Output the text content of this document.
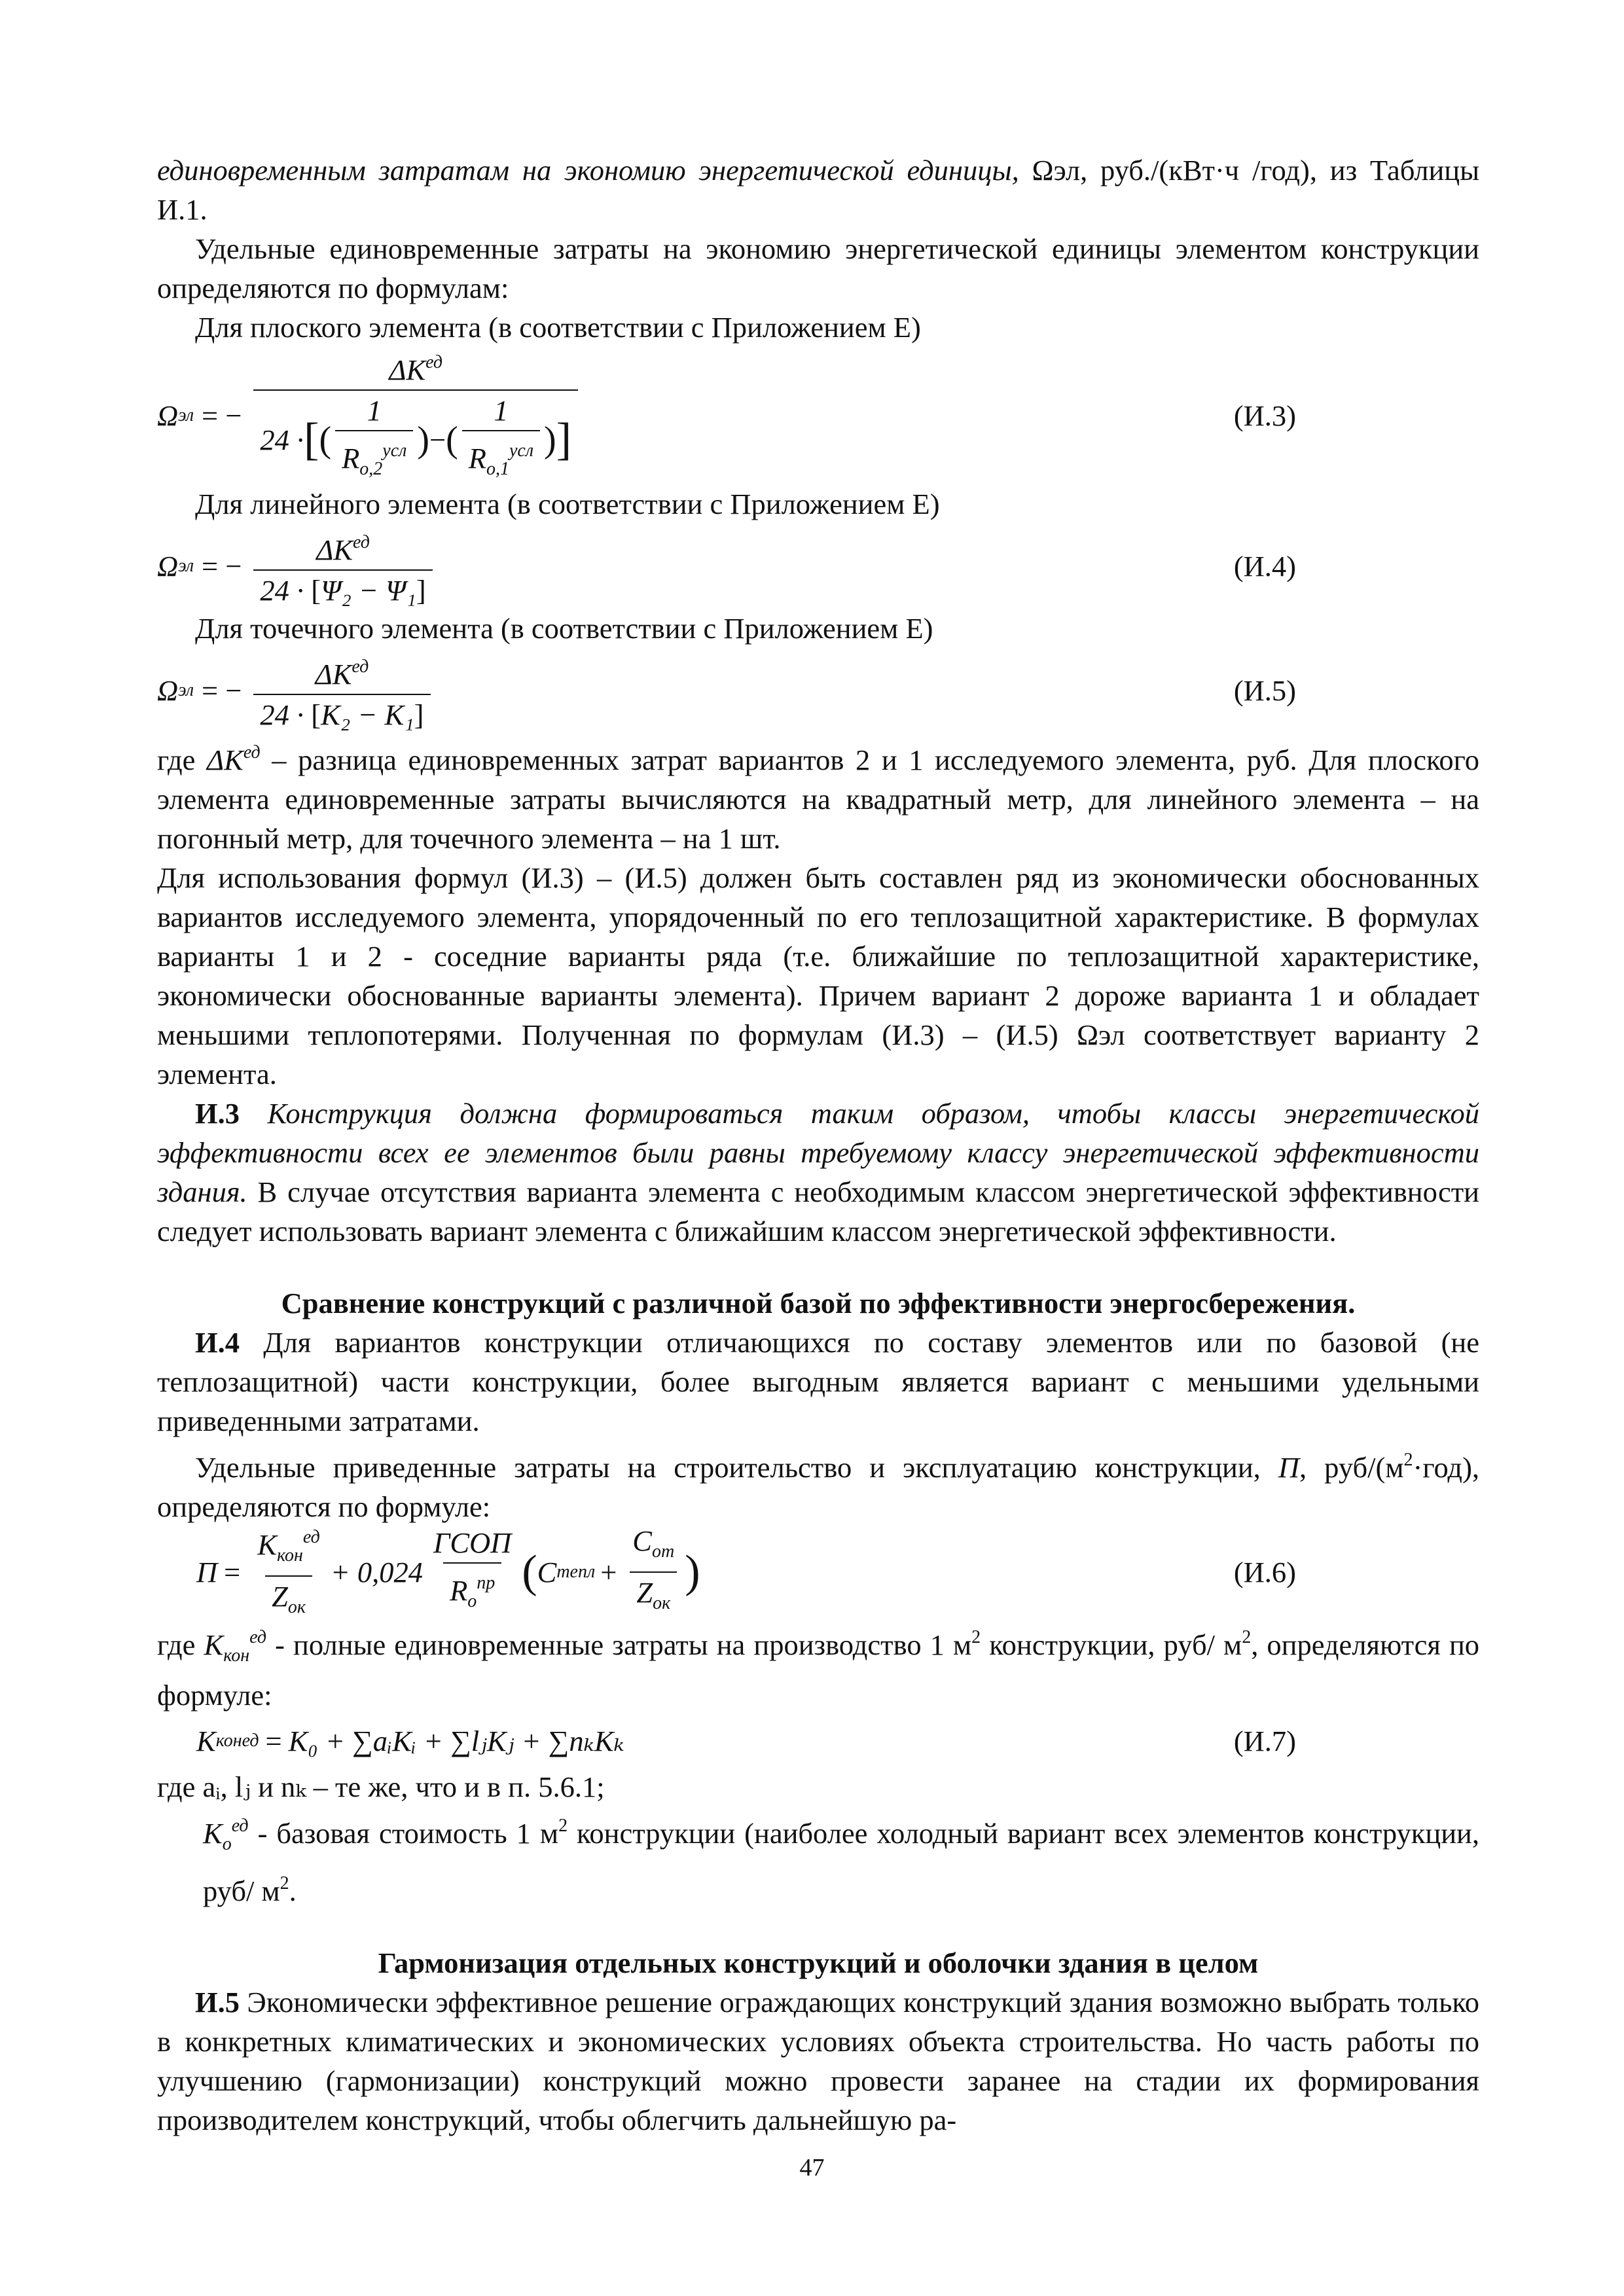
единовременным затратам на экономию энергетической единицы, Ωэл, руб./(кВт·ч /год), из Таблицы И.1.

Удельные единовременные затраты на экономию энергетической единицы элементом конструкции определяются по формулам:

Для плоского элемента (в соответствии с Приложением Е)

Ω эл = −
$\Delta K^{ед}$
24 · [ ( $\frac{1}{R_{о,2}^{усл}}$ ) − ( $\frac{1}{R_{о,1}^{усл}}$ ) ]	(И.3)

Для линейного элемента (в соответствии с Приложением Е)

Ω эл = − $\frac{\Delta K^{ед}}{\text{24 · [Ψ₂ − Ψ₁]}}$	(И.4)

Для точечного элемента (в соответствии с Приложением Е)

Ω эл = − $\frac{\Delta K^{ед}}{\text{24 · [K₂ − K₁]}}$	(И.5)

где $\Delta K^{ед}$ – разница единовременных затрат вариантов 2 и 1 исследуемого элемента, руб. Для плоского элемента единовременные затраты вычисляются на квадратный метр, для линейного элемента – на погонный метр, для точечного элемента – на 1 шт.

Для использования формул (И.3) – (И.5) должен быть составлен ряд из экономически обоснованных вариантов исследуемого элемента, упорядоченный по его теплозащитной характеристике. В формулах варианты 1 и 2 - соседние варианты ряда (т.е. ближайшие по теплозащитной характеристике, экономически обоснованные варианты элемента). Причем вариант 2 дороже варианта 1 и обладает меньшими теплопотерями. Полученная по формулам (И.3) – (И.5) Ωэл соответствует варианту 2 элемента.

И.3 Конструкция должна формироваться таким образом, чтобы классы энергетической эффективности всех ее элементов были равны требуемому классу энергетической эффективности здания. В случае отсутствия варианта элемента с необходимым классом энергетической эффективности следует использовать вариант элемента с ближайшим классом энергетической эффективности.

Сравнение конструкций с различной базой по эффективности энергосбережения.

И.4 Для вариантов конструкции отличающихся по составу элементов или по базовой (не теплозащитной) части конструкции, более выгодным является вариант с меньшими удельными приведенными затратами.

Удельные приведенные затраты на строительство и эксплуатацию конструкции, П, руб/$(м^2\cdot год)$, определяются по формуле:

$П = \frac{K_{кон}^{ед}}{Z_{ок}} + 0,024 \frac{\text{ГСОП}}{R_о^{пр}}$ ( C тепл + $\frac{C_{от}}{Z_{ок}}$ )	(И.6)

где $K_{кон}^{ед}$ - полные единовременные затраты на производство 1 $м^2$ конструкции, руб/ $м^2$, определяются по формуле:

K кон ед = K₀ + ∑aᵢKᵢ + ∑lⱼKⱼ + ∑nₖKₖ	(И.7)

где aᵢ, lⱼ и nₖ – те же, что и в п. 5.6.1;

$K_о^{ед}$ - базовая стоимость 1 $м^2$ конструкции (наиболее холодный вариант всех элементов конструкции, руб/ $м^2$.

Гармонизация отдельных конструкций и оболочки здания в целом

И.5 Экономически эффективное решение ограждающих конструкций здания возможно выбрать только в конкретных климатических и экономических условиях объекта строительства. Но часть работы по улучшению (гармонизации) конструкций можно провести заранее на стадии их формирования производителем конструкций, чтобы облегчить дальнейшую ра-

47
